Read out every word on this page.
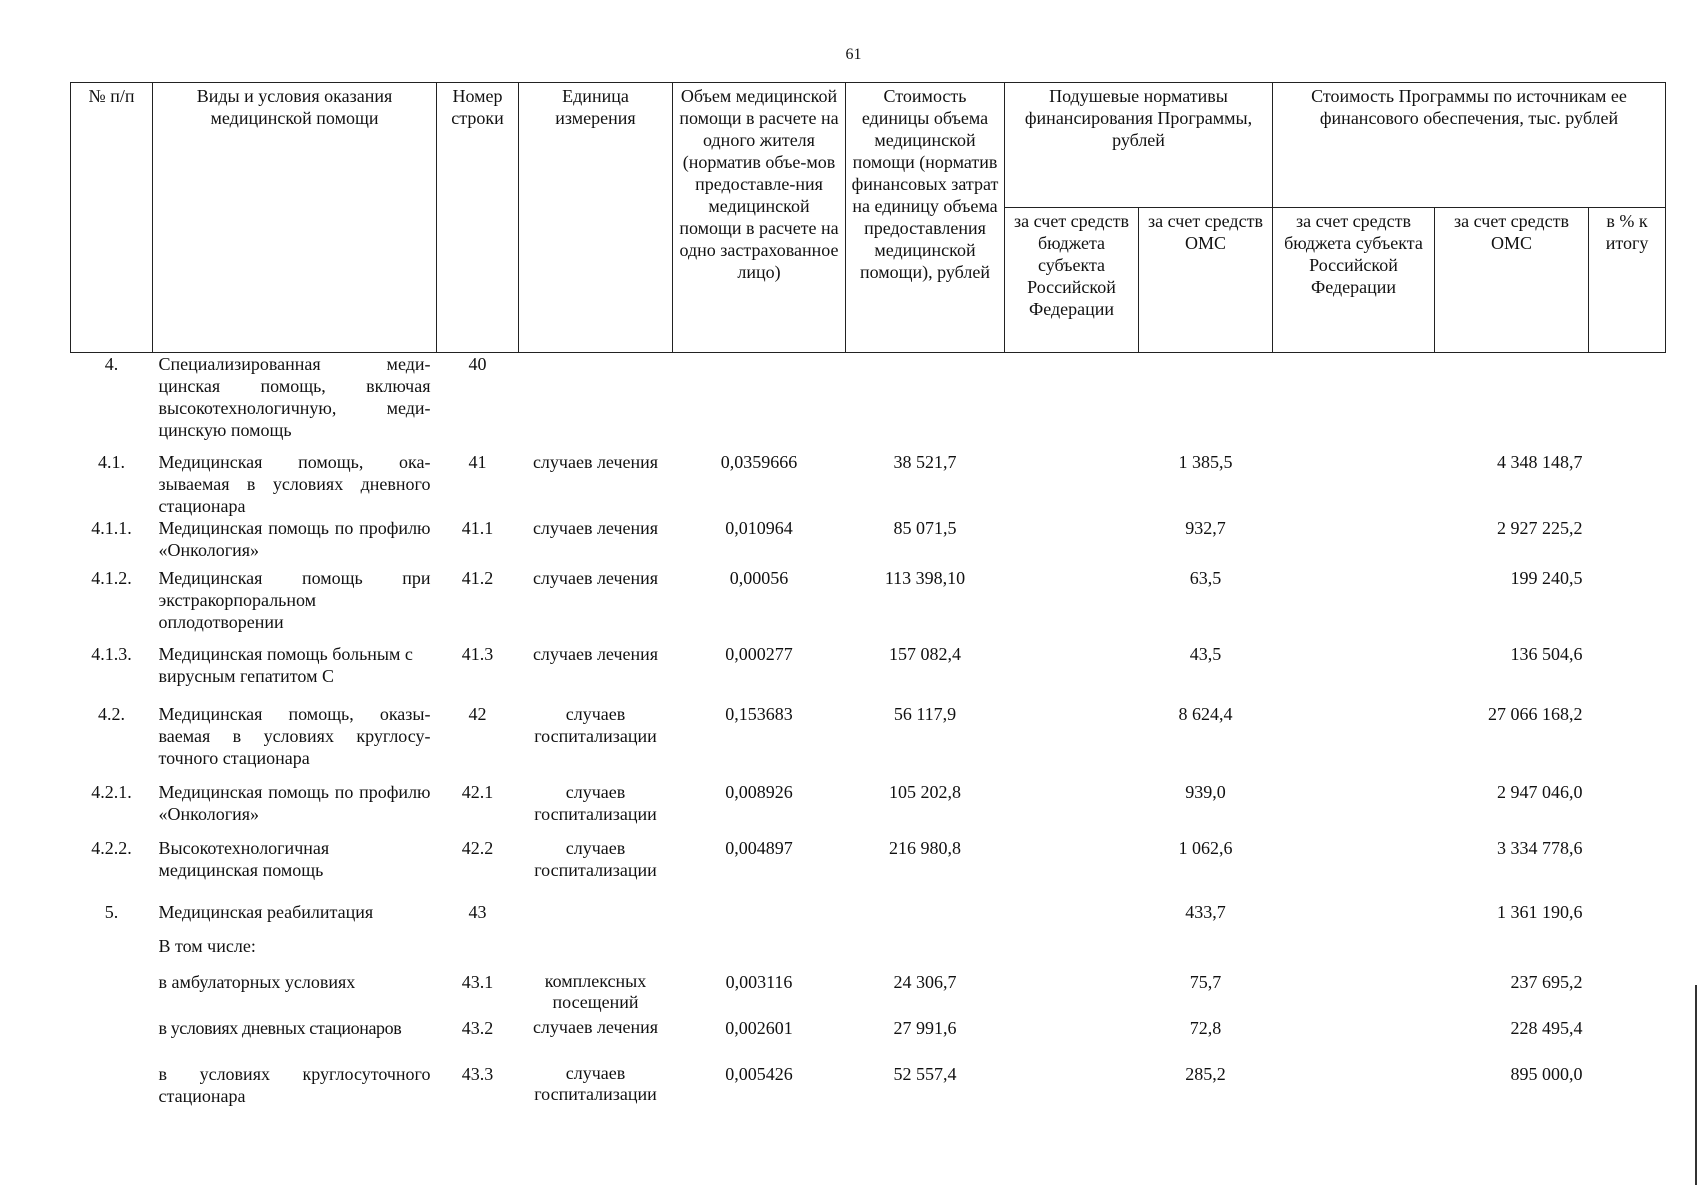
61
№ п/п	Виды и условия оказания медицинской помощи	Номер строки	Единица измерения	Объем медицинской помощи в расчете на одного жителя (норматив объе-мов предоставле-ния медицинской помощи в расчете на одно застрахованное лицо)	Стоимость единицы объема медицинской помощи (норматив финансовых затрат на единицу объема предоставления медицинской помощи), рублей	Подушевые нормативы финансирования Программы, рублей		Стоимость Программы по источникам ее финансового обеспечения, тыс. рублей		
						за счет средств бюджета субъекта Российской Федерации	за счет средств ОМС	за счет средств бюджета субъекта Российской Федерации	за счет средств ОМС	в % к итогу
4.	Специализированная меди-цинская помощь, включая высокотехнологичную, меди-цинскую помощь	40								
4.1.	Медицинская помощь, ока-зываемая в условиях дневного стационара	41	случаев лечения	0,0359666	38 521,7		1 385,5		4 348 148,7	
4.1.1.	Медицинская помощь по профилю «Онкология»	41.1	случаев лечения	0,010964	85 071,5		932,7		2 927 225,2	
4.1.2.	Медицинская помощь при экстракорпоральном оплодотворении	41.2	случаев лечения	0,00056	113 398,10		63,5		199 240,5	
4.1.3.	Медицинская помощь больным с вирусным гепатитом С	41.3	случаев лечения	0,000277	157 082,4		43,5		136 504,6	
4.2.	Медицинская помощь, оказы-ваемая в условиях круглосу-точного стационара	42	случаев госпитализации	0,153683	56 117,9		8 624,4		27 066 168,2	
4.2.1.	Медицинская помощь по профилю «Онкология»	42.1	случаев госпитализации	0,008926	105 202,8		939,0		2 947 046,0	
4.2.2.	Высокотехнологичная медицинская помощь	42.2	случаев госпитализации	0,004897	216 980,8		1 062,6		3 334 778,6	
5.	Медицинская реабилитация	43					433,7		1 361 190,6	
	В том числе:									
	в амбулаторных условиях	43.1	комплексных посещений	0,003116	24 306,7		75,7		237 695,2	
	в условиях дневных стационаров	43.2	случаев лечения	0,002601	27 991,6		72,8		228 495,4	
	в условиях круглосуточного стационара	43.3	случаев госпитализации	0,005426	52 557,4		285,2		895 000,0	
